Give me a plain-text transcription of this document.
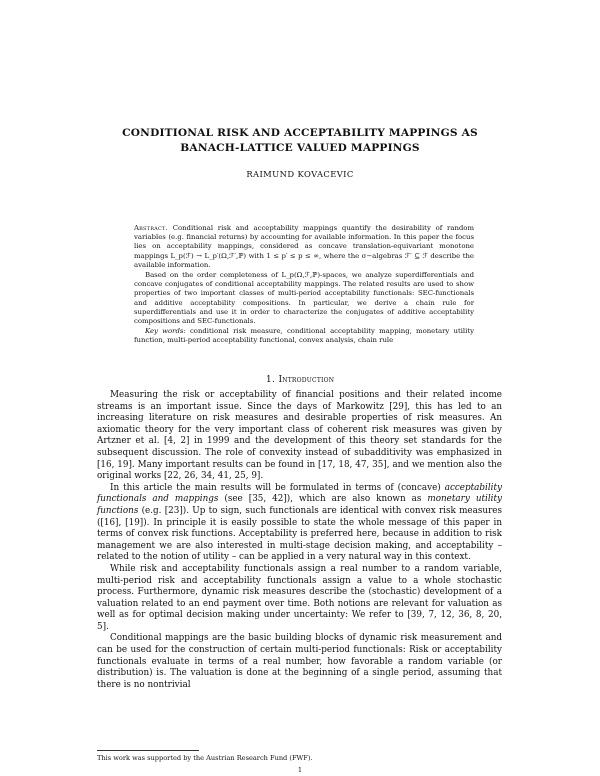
CONDITIONAL RISK AND ACCEPTABILITY MAPPINGS AS
BANACH-LATTICE VALUED MAPPINGS
RAIMUND KOVACEVIC

Abstract. Conditional risk and acceptability mappings quantify the desirability of random variables (e.g. financial returns) by accounting for available information. In this paper the focus lies on acceptability mappings, considered as concave translation-equivariant monotone mappings L_p(ℱ) → L_p′(Ω,ℱ′,ℙ) with 1 ≤ p′ ≤ p ≤ ∞, where the σ−algebras ℱ′ ⊆ ℱ describe the available information.

Based on the order completeness of L_p(Ω,ℱ,ℙ)-spaces, we analyze superdifferentials and concave conjugates of conditional acceptability mappings. The related results are used to show properties of two important classes of multi-period acceptability functionals: SEC-functionals and additive acceptability compositions. In particular, we derive a chain rule for superdifferentials and use it in order to characterize the conjugates of additive acceptability compositions and SEC-functionals.

Key words: conditional risk measure, conditional acceptability mapping, monetary utility function, multi-period acceptability functional, convex analysis, chain rule

1. Introduction

Measuring the risk or acceptability of financial positions and their related income streams is an important issue. Since the days of Markowitz [29], this has led to an increasing literature on risk measures and desirable properties of risk measures. An axiomatic theory for the very important class of coherent risk measures was given by Artzner et al. [4, 2] in 1999 and the development of this theory set standards for the subsequent discussion. The role of convexity instead of subadditivity was emphasized in [16, 19]. Many important results can be found in [17, 18, 47, 35], and we mention also the original works [22, 26, 34, 41, 25, 9].

In this article the main results will be formulated in terms of (concave) acceptability functionals and mappings (see [35, 42]), which are also known as monetary utility functions (e.g. [23]). Up to sign, such functionals are identical with convex risk measures ([16], [19]). In principle it is easily possible to state the whole message of this paper in terms of convex risk functions. Acceptability is preferred here, because in addition to risk management we are also interested in multi-stage decision making, and acceptability – related to the notion of utility – can be applied in a very natural way in this context.

While risk and acceptability functionals assign a real number to a random variable, multi-period risk and acceptability functionals assign a value to a whole stochastic process. Furthermore, dynamic risk measures describe the (stochastic) development of a valuation related to an end payment over time. Both notions are relevant for valuation as well as for optimal decision making under uncertainty: We refer to [39, 7, 12, 36, 8, 20, 5].

Conditional mappings are the basic building blocks of dynamic risk measurement and can be used for the construction of certain multi-period functionals: Risk or acceptability functionals evaluate in terms of a real number, how favorable a random variable (or distribution) is. The valuation is done at the beginning of a single period, assuming that there is no nontrivial

This work was supported by the Austrian Research Fund (FWF).
1
